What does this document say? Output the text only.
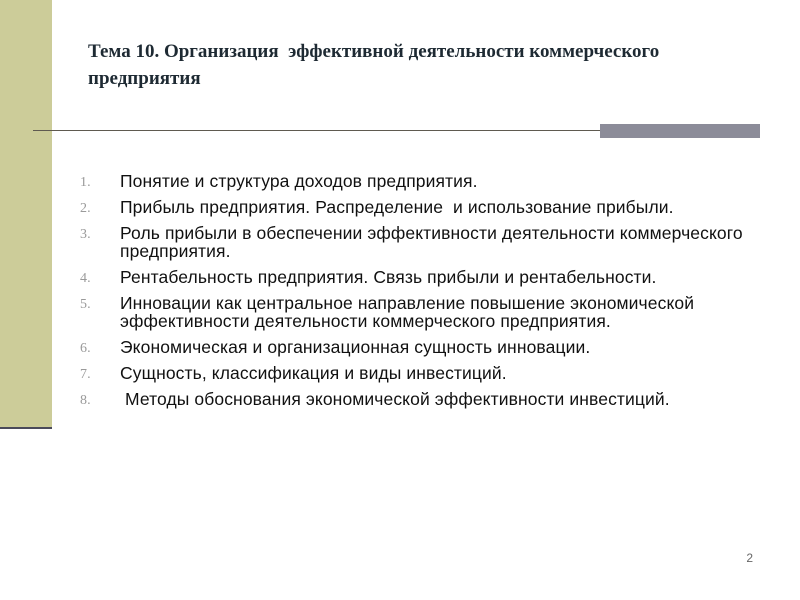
Тема 10. Организация  эффективной деятельности коммерческого предприятия
1. Понятие и структура доходов предприятия.
2. Прибыль предприятия. Распределение  и использование прибыли.
3. Роль прибыли в обеспечении эффективности деятельности коммерческого предприятия.
4. Рентабельность предприятия. Связь прибыли и рентабельности.
5. Инновации как центральное направление повышение экономической эффективности деятельности коммерческого предприятия.
6. Экономическая и организационная сущность инновации.
7. Сущность, классификация и виды инвестиций.
8. Методы обоснования экономической эффективности инвестиций.
2
